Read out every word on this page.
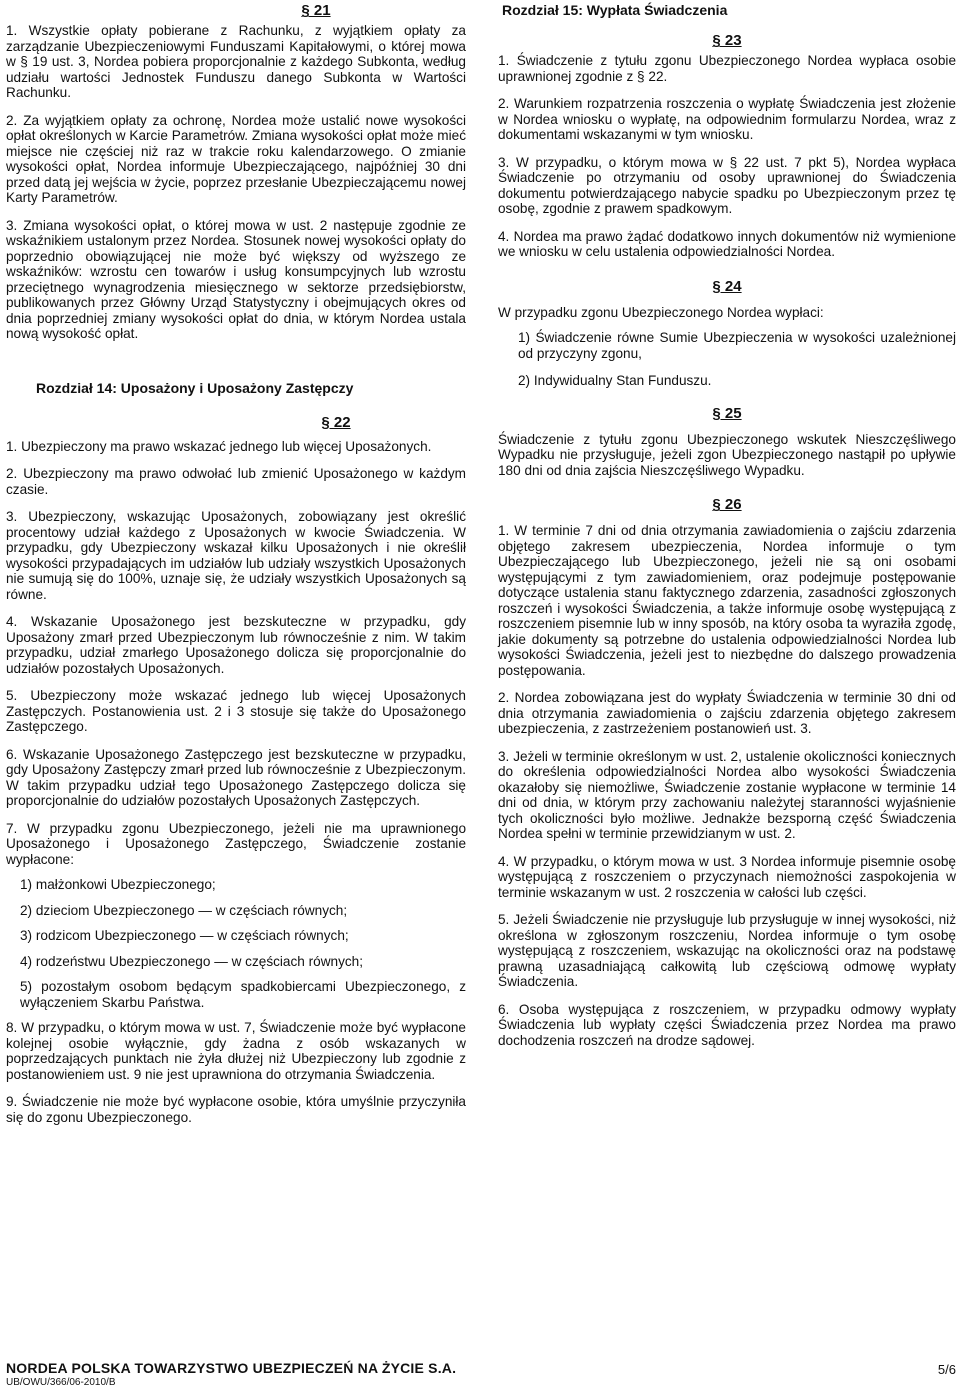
§ 21

1. Wszystkie opłaty pobierane z Rachunku, z wyjątkiem opłaty za zarządzanie Ubezpieczeniowymi Funduszami Kapitałowymi, o której mowa w § 19 ust. 3, Nordea pobiera proporcjonalnie z każdego Subkonta, według udziału wartości Jednostek Funduszu danego Subkonta w Wartości Rachunku.

2. Za wyjątkiem opłaty za ochronę, Nordea może ustalić nowe wysokości opłat określonych w Karcie Parametrów. Zmiana wysokości opłat może mieć miejsce nie częściej niż raz w trakcie roku kalendarzowego. O zmianie wysokości opłat, Nordea informuje Ubezpieczającego, najpóźniej 30 dni przed datą jej wejścia w życie, poprzez przesłanie Ubezpieczającemu nowej Karty Parametrów.

3. Zmiana wysokości opłat, o której mowa w ust. 2 następuje zgodnie ze wskaźnikiem ustalonym przez Nordea. Stosunek nowej wysokości opłaty do poprzednio obowiązującej nie może być większy od wyższego ze wskaźników: wzrostu cen towarów i usług konsumpcyjnych lub wzrostu przeciętnego wynagrodzenia miesięcznego w sektorze przedsiębiorstw, publikowanych przez Główny Urząd Statystyczny i obejmujących okres od dnia poprzedniej zmiany wysokości opłat do dnia, w którym Nordea ustala nową wysokość opłat.

Rozdział 14: Uposażony i Uposażony Zastępczy

§ 22

1. Ubezpieczony ma prawo wskazać jednego lub więcej Uposażonych.

2. Ubezpieczony ma prawo odwołać lub zmienić Uposażonego w każdym czasie.

3. Ubezpieczony, wskazując Uposażonych, zobowiązany jest określić procentowy udział każdego z Uposażonych w kwocie Świadczenia. W przypadku, gdy Ubezpieczony wskazał kilku Uposażonych i nie określił wysokości przypadających im udziałów lub udziały wszystkich Uposażonych nie sumują się do 100%, uznaje się, że udziały wszystkich Uposażonych są równe.

4. Wskazanie Uposażonego jest bezskuteczne w przypadku, gdy Uposażony zmarł przed Ubezpieczonym lub równocześnie z nim. W takim przypadku, udział zmarłego Uposażonego dolicza się proporcjonalnie do udziałów pozostałych Uposażonych.

5. Ubezpieczony może wskazać jednego lub więcej Uposażonych Zastępczych. Postanowienia ust. 2 i 3 stosuje się także do Uposażonego Zastępczego.

6. Wskazanie Uposażonego Zastępczego jest bezskuteczne w przypadku, gdy Uposażony Zastępczy zmarł przed lub równocześnie z Ubezpieczonym. W takim przypadku udział tego Uposażonego Zastępczego dolicza się proporcjonalnie do udziałów pozostałych Uposażonych Zastępczych.

7. W przypadku zgonu Ubezpieczonego, jeżeli nie ma uprawnionego Uposażonego i Uposażonego Zastępczego, Świadczenie zostanie wypłacone:

1) małżonkowi Ubezpieczonego;

2) dzieciom Ubezpieczonego — w częściach równych;

3) rodzicom Ubezpieczonego — w częściach równych;

4) rodzeństwu Ubezpieczonego — w częściach równych;

5) pozostałym osobom będącym spadkobiercami Ubezpieczonego, z wyłączeniem Skarbu Państwa.

8. W przypadku, o którym mowa w ust. 7, Świadczenie może być wypłacone kolejnej osobie wyłącznie, gdy żadna z osób wskazanych w poprzedzających punktach nie żyła dłużej niż Ubezpieczony lub zgodnie z postanowieniem ust. 9 nie jest uprawniona do otrzymania Świadczenia.

9. Świadczenie nie może być wypłacone osobie, która umyślnie przyczyniła się do zgonu Ubezpieczonego.

Rozdział 15: Wypłata Świadczenia

§ 23

1. Świadczenie z tytułu zgonu Ubezpieczonego Nordea wypłaca osobie uprawnionej zgodnie z § 22.

2. Warunkiem rozpatrzenia roszczenia o wypłatę Świadczenia jest złożenie w Nordea wniosku o wypłatę, na odpowiednim formularzu Nordea, wraz z dokumentami wskazanymi w tym wniosku.

3. W przypadku, o którym mowa w § 22 ust. 7 pkt 5), Nordea wypłaca Świadczenie po otrzymaniu od osoby uprawnionej do Świadczenia dokumentu potwierdzającego nabycie spadku po Ubezpieczonym przez tę osobę, zgodnie z prawem spadkowym.

4. Nordea ma prawo żądać dodatkowo innych dokumentów niż wymienione we wniosku w celu ustalenia odpowiedzialności Nordea.

§ 24

W przypadku zgonu Ubezpieczonego Nordea wypłaci:

1) Świadczenie równe Sumie Ubezpieczenia w wysokości uzależnionej od przyczyny zgonu,

2) Indywidualny Stan Funduszu.

§ 25

Świadczenie z tytułu zgonu Ubezpieczonego wskutek Nieszczęśliwego Wypadku nie przysługuje, jeżeli zgon Ubezpieczonego nastąpił po upływie 180 dni od dnia zajścia Nieszczęśliwego Wypadku.

§ 26

1. W terminie 7 dni od dnia otrzymania zawiadomienia o zajściu zdarzenia objętego zakresem ubezpieczenia, Nordea informuje o tym Ubezpieczającego lub Ubezpieczonego, jeżeli nie są oni osobami występującymi z tym zawiadomieniem, oraz podejmuje postępowanie dotyczące ustalenia stanu faktycznego zdarzenia, zasadności zgłoszonych roszczeń i wysokości Świadczenia, a także informuje osobę występującą z roszczeniem pisemnie lub w inny sposób, na który osoba ta wyraziła zgodę, jakie dokumenty są potrzebne do ustalenia odpowiedzialności Nordea lub wysokości Świadczenia, jeżeli jest to niezbędne do dalszego prowadzenia postępowania.

2. Nordea zobowiązana jest do wypłaty Świadczenia w terminie 30 dni od dnia otrzymania zawiadomienia o zajściu zdarzenia objętego zakresem ubezpieczenia, z zastrzeżeniem postanowień ust. 3.

3. Jeżeli w terminie określonym w ust. 2, ustalenie okoliczności koniecznych do określenia odpowiedzialności Nordea albo wysokości Świadczenia okazałoby się niemożliwe, Świadczenie zostanie wypłacone w terminie 14 dni od dnia, w którym przy zachowaniu należytej staranności wyjaśnienie tych okoliczności było możliwe. Jednakże bezsporną część Świadczenia Nordea spełni w terminie przewidzianym w ust. 2.

4. W przypadku, o którym mowa w ust. 3 Nordea informuje pisemnie osobę występującą z roszczeniem o przyczynach niemożności zaspokojenia w terminie wskazanym w ust. 2 roszczenia w całości lub części.

5. Jeżeli Świadczenie nie przysługuje lub przysługuje w innej wysokości, niż określona w zgłoszonym roszczeniu, Nordea informuje o tym osobę występującą z roszczeniem, wskazując na okoliczności oraz na podstawę prawną uzasadniającą całkowitą lub częściową odmowę wypłaty Świadczenia.

6. Osoba występująca z roszczeniem, w przypadku odmowy wypłaty Świadczenia lub wypłaty części Świadczenia przez Nordea ma prawo dochodzenia roszczeń na drodze sądowej.

NORDEA POLSKA TOWARZYSTWO UBEZPIECZEŃ NA ŻYCIE S.A.
UB/OWU/366/06-2010/B
5/6
